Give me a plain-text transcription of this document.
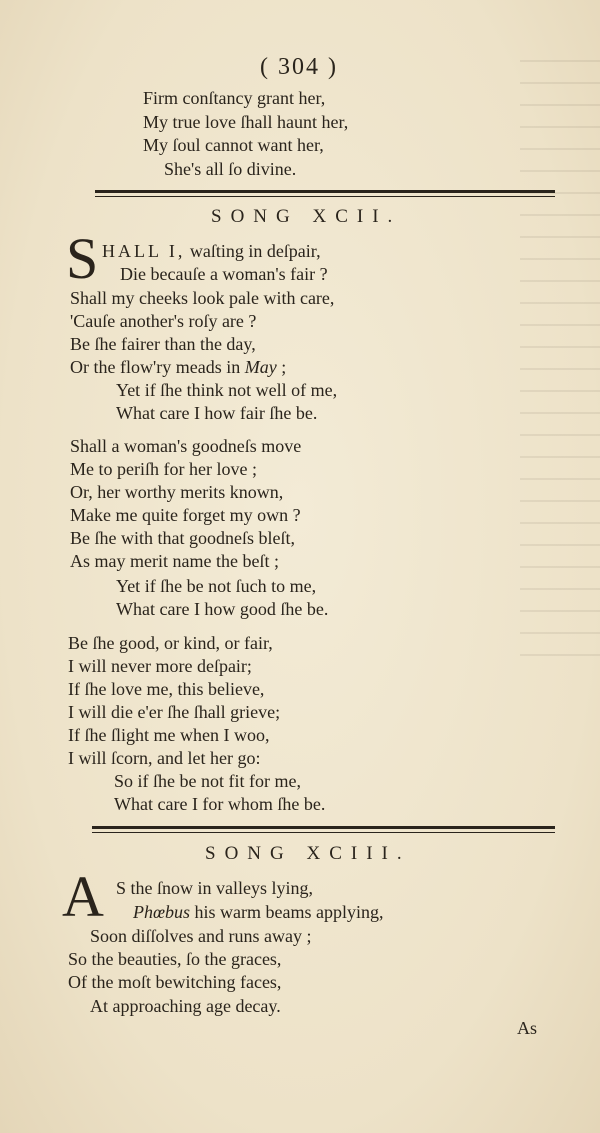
( 304 )
Firm conſtancy grant her,
My true love ſhall haunt her,
My ſoul cannot want her,
She's all ſo divine.
SONG XCII.
S HALL I, waſting in deſpair,
Die becauſe a woman's fair ?
Shall my cheeks look pale with care,
'Cauſe another's roſy are ?
Be ſhe fairer than the day,
Or the flow'ry meads in May ;
Yet if ſhe think not well of me,
What care I how fair ſhe be.
Shall a woman's goodneſs move
Me to periſh for her love ;
Or, her worthy merits known,
Make me quite forget my own ?
Be ſhe with that goodneſs bleſt,
As may merit name the beſt ;
Yet if ſhe be not ſuch to me,
What care I how good ſhe be.
Be ſhe good, or kind, or fair,
I will never more deſpair;
If ſhe love me, this believe,
I will die e'er ſhe ſhall grieve;
If ſhe ſlight me when I woo,
I will ſcorn, and let her go:
So if ſhe be not fit for me,
What care I for whom ſhe be.
SONG XCIII.
A S the ſnow in valleys lying,
Phœbus his warm beams applying,
Soon diſſolves and runs away ;
So the beauties, ſo the graces,
Of the moſt bewitching faces,
At approaching age decay.
As
